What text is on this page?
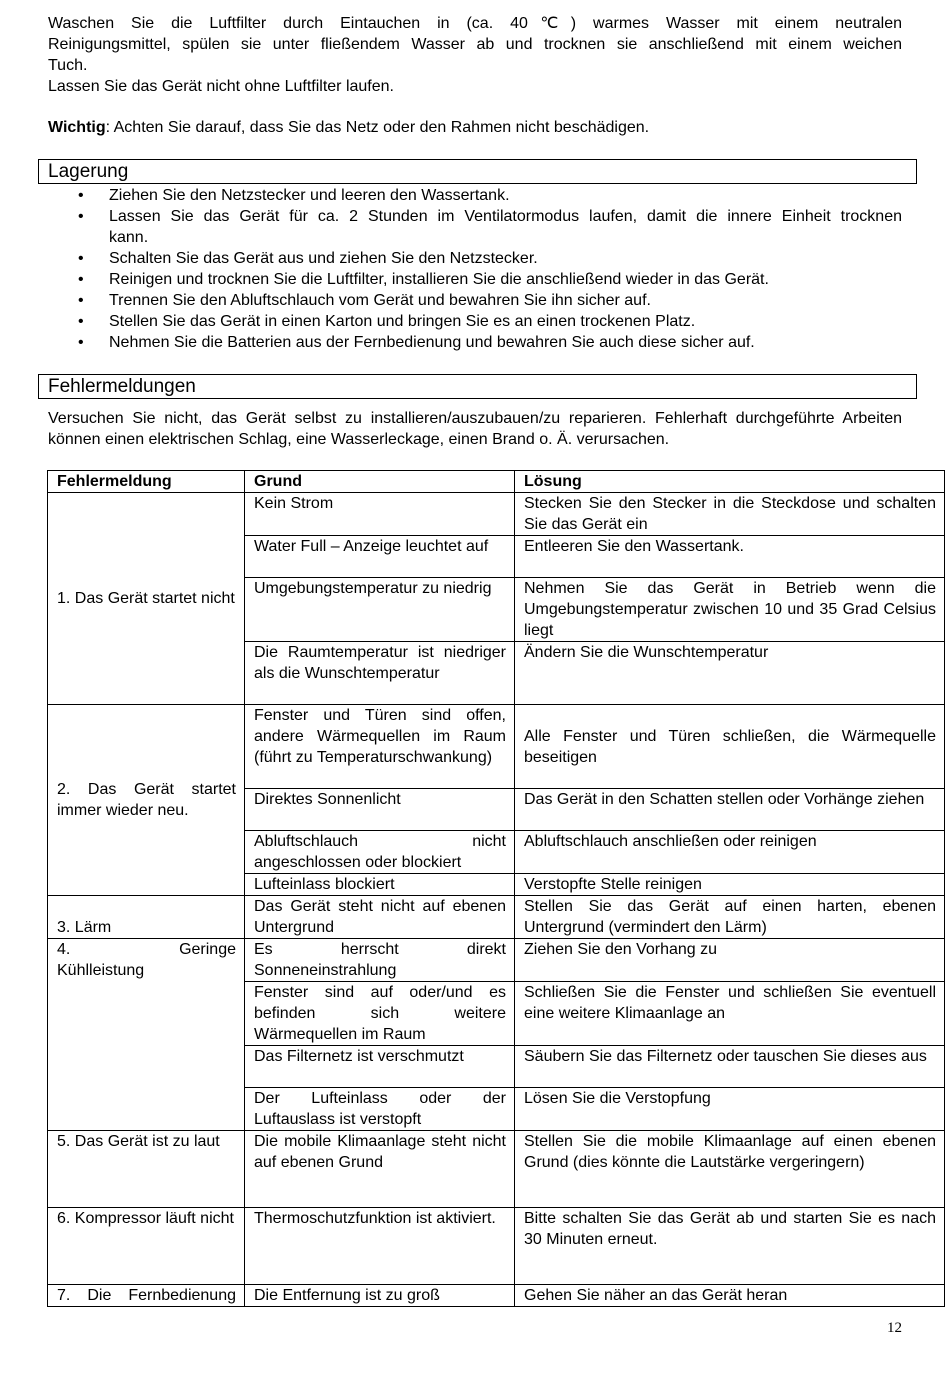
Waschen Sie die Luftfilter durch Eintauchen in (ca. 40℃) warmes Wasser mit einem neutralen
Reinigungsmittel, spülen sie unter fließendem Wasser ab und trocknen sie anschließend mit einem weichen
Tuch.
Lassen Sie das Gerät nicht ohne Luftfilter laufen.
Wichtig: Achten Sie darauf, dass Sie das Netz oder den Rahmen nicht beschädigen.
Lagerung
• Ziehen Sie den Netzstecker und leeren den Wassertank.
• Lassen Sie das Gerät für ca. 2 Stunden im Ventilatormodus laufen, damit die innere Einheit trocknen
kann.
• Schalten Sie das Gerät aus und ziehen Sie den Netzstecker.
• Reinigen und trocknen Sie die Luftfilter, installieren Sie die anschließend wieder in das Gerät.
• Trennen Sie den Abluftschlauch vom Gerät und bewahren Sie ihn sicher auf.
• Stellen Sie das Gerät in einen Karton und bringen Sie es an einen trockenen Platz.
• Nehmen Sie die Batterien aus der Fernbedienung und bewahren Sie auch diese sicher auf.
Fehlermeldungen
Versuchen Sie nicht, das Gerät selbst zu installieren/auszubauen/zu reparieren. Fehlerhaft durchgeführte Arbeiten können einen elektrischen Schlag, eine Wasserleckage, einen Brand o. Ä. verursachen.
Fehlermeldung	Grund	Lösung
1. Das Gerät startet nicht	Kein Strom	Stecken Sie den Stecker in die Steckdose und schalten Sie das Gerät ein
	Water Full – Anzeige leuchtet auf	Entleeren Sie den Wassertank.
	Umgebungstemperatur zu niedrig	Nehmen Sie das Gerät in Betrieb wenn die Umgebungstemperatur zwischen 10 und 35 Grad Celsius liegt
	Die Raumtemperatur ist niedriger als die Wunschtemperatur	Ändern Sie die Wunschtemperatur
2. Das Gerät startet immer wieder neu.	Fenster und Türen sind offen, andere Wärmequellen im Raum (führt zu Temperaturschwankung)	Alle Fenster und Türen schließen, die Wärmequelle beseitigen
	Direktes Sonnenlicht	Das Gerät in den Schatten stellen oder Vorhänge ziehen
	Abluftschlauch nicht angeschlossen oder blockiert	Abluftschlauch anschließen oder reinigen
	Lufteinlass blockiert	Verstopfte Stelle reinigen
3. Lärm	Das Gerät steht nicht auf ebenen Untergrund	Stellen Sie das Gerät auf einen harten, ebenen Untergrund (vermindert den Lärm)

4. Geringe
Kühlleistung	Es herrscht direkt Sonneneinstrahlung	Ziehen Sie den Vorhang zu
	Fenster sind auf oder/und es befinden sich weitere Wärmequellen im Raum	Schließen Sie die Fenster und schließen Sie eventuell eine weitere Klimaanlage an
	Das Filternetz ist verschmutzt	Säubern Sie das Filternetz oder tauschen Sie dieses aus
	Der Lufteinlass oder der Luftauslass ist verstopft	Lösen Sie die Verstopfung
5. Das Gerät ist zu laut	Die mobile Klimaanlage steht nicht auf ebenen Grund	Stellen Sie die mobile Klimaanlage auf einen ebenen Grund (dies könnte die Lautstärke vergeringern)
6. Kompressor läuft nicht	Thermoschutzfunktion ist aktiviert.	Bitte schalten Sie das Gerät ab und starten Sie es nach 30 Minuten erneut.
7. Die Fernbedienung	Die Entfernung ist zu groß	Gehen Sie näher an das Gerät heran
12
